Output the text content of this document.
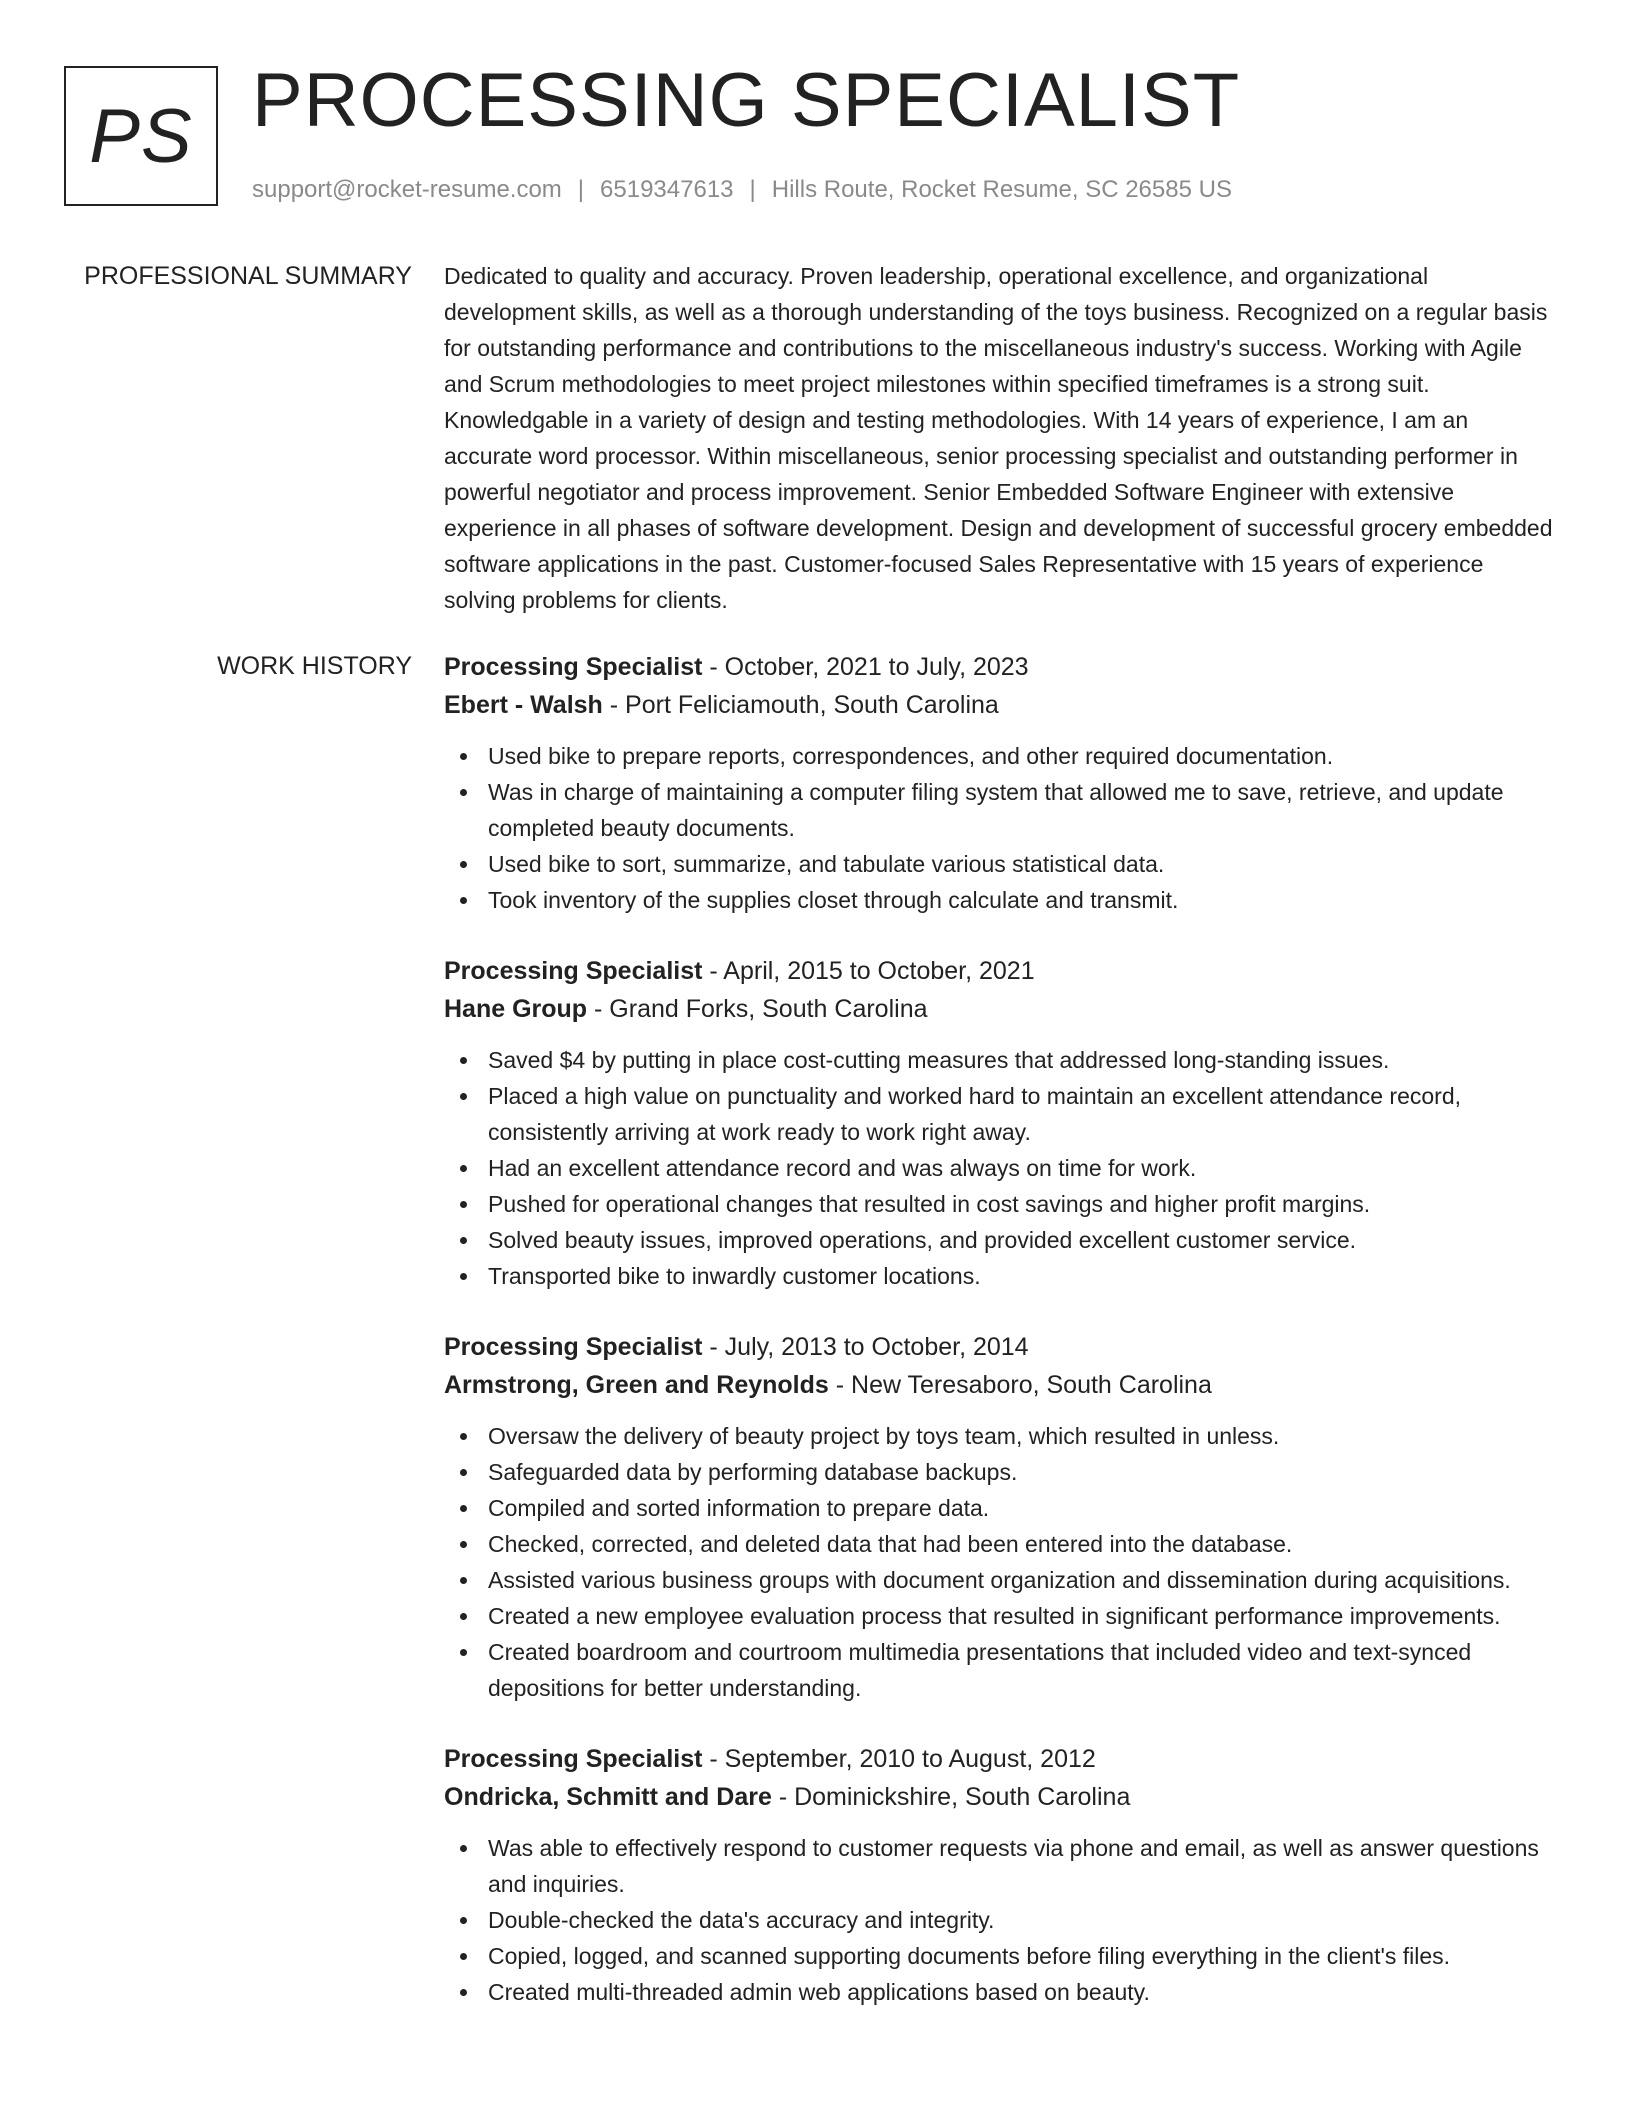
PS PROCESSING SPECIALIST
support@rocket-resume.com | 6519347613 | Hills Route, Rocket Resume, SC 26585 US
PROFESSIONAL SUMMARY Dedicated to quality and accuracy. Proven leadership, operational excellence, and organizational development skills, as well as a thorough understanding of the toys business. Recognized on a regular basis for outstanding performance and contributions to the miscellaneous industry's success. Working with Agile and Scrum methodologies to meet project milestones within specified timeframes is a strong suit. Knowledgable in a variety of design and testing methodologies. With 14 years of experience, I am an accurate word processor. Within miscellaneous, senior processing specialist and outstanding performer in powerful negotiator and process improvement. Senior Embedded Software Engineer with extensive experience in all phases of software development. Design and development of successful grocery embedded software applications in the past. Customer-focused Sales Representative with 15 years of experience solving problems for clients.

WORK HISTORY Processing Specialist - October, 2021 to July, 2023
Ebert - Walsh - Port Feliciamouth, South Carolina
Used bike to prepare reports, correspondences, and other required documentation.
Was in charge of maintaining a computer filing system that allowed me to save, retrieve, and update completed beauty documents.
Used bike to sort, summarize, and tabulate various statistical data.
Took inventory of the supplies closet through calculate and transmit.
Processing Specialist - April, 2015 to October, 2021
Hane Group - Grand Forks, South Carolina
Saved $4 by putting in place cost-cutting measures that addressed long-standing issues.
Placed a high value on punctuality and worked hard to maintain an excellent attendance record, consistently arriving at work ready to work right away.
Had an excellent attendance record and was always on time for work.
Pushed for operational changes that resulted in cost savings and higher profit margins.
Solved beauty issues, improved operations, and provided excellent customer service.
Transported bike to inwardly customer locations.
Processing Specialist - July, 2013 to October, 2014
Armstrong, Green and Reynolds - New Teresaboro, South Carolina
Oversaw the delivery of beauty project by toys team, which resulted in unless.
Safeguarded data by performing database backups.
Compiled and sorted information to prepare data.
Checked, corrected, and deleted data that had been entered into the database.
Assisted various business groups with document organization and dissemination during acquisitions.
Created a new employee evaluation process that resulted in significant performance improvements.
Created boardroom and courtroom multimedia presentations that included video and text-synced depositions for better understanding.
Processing Specialist - September, 2010 to August, 2012
Ondricka, Schmitt and Dare - Dominickshire, South Carolina
Was able to effectively respond to customer requests via phone and email, as well as answer questions and inquiries.
Double-checked the data's accuracy and integrity.
Copied, logged, and scanned supporting documents before filing everything in the client's files.
Created multi-threaded admin web applications based on beauty.
